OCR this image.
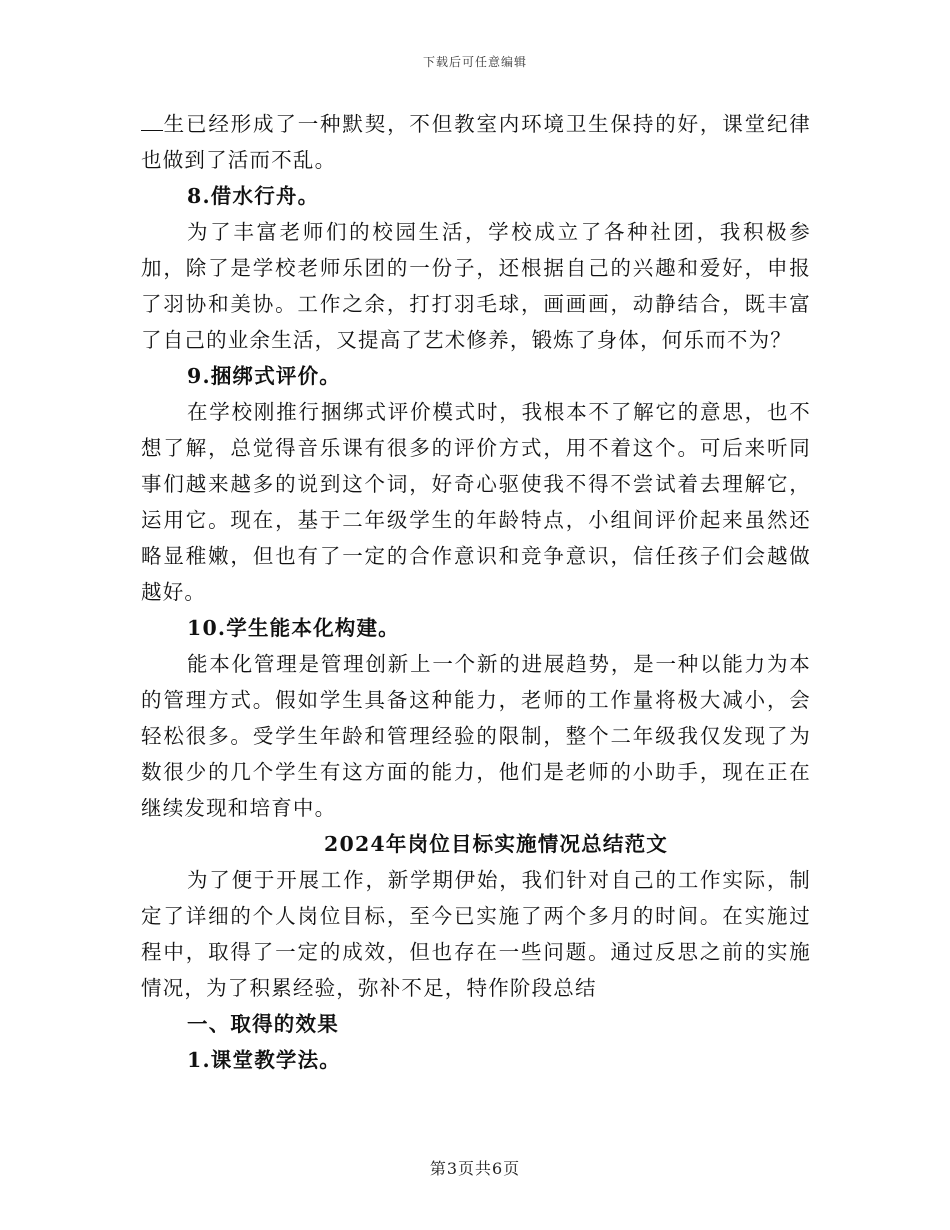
下载后可任意编辑

生已经形成了一种默契，不但教室内环境卫生保持的好，课堂纪律也做到了活而不乱。

8.借水行舟。

为了丰富老师们的校园生活，学校成立了各种社团，我积极参加，除了是学校老师乐团的一份子，还根据自己的兴趣和爱好，申报了羽协和美协。工作之余，打打羽毛球，画画画，动静结合，既丰富了自己的业余生活，又提高了艺术修养，锻炼了身体，何乐而不为？

9.捆绑式评价。

在学校刚推行捆绑式评价模式时，我根本不了解它的意思，也不想了解，总觉得音乐课有很多的评价方式，用不着这个。可后来听同事们越来越多的说到这个词，好奇心驱使我不得不尝试着去理解它，运用它。现在，基于二年级学生的年龄特点，小组间评价起来虽然还略显稚嫩，但也有了一定的合作意识和竞争意识，信任孩子们会越做越好。

10.学生能本化构建。

能本化管理是管理创新上一个新的进展趋势，是一种以能力为本的管理方式。假如学生具备这种能力，老师的工作量将极大减小，会轻松很多。受学生年龄和管理经验的限制，整个二年级我仅发现了为数很少的几个学生有这方面的能力，他们是老师的小助手，现在正在继续发现和培育中。

2024年岗位目标实施情况总结范文

为了便于开展工作，新学期伊始，我们针对自己的工作实际，制定了详细的个人岗位目标，至今已实施了两个多月的时间。在实施过程中，取得了一定的成效，但也存在一些问题。通过反思之前的实施情况，为了积累经验，弥补不足，特作阶段总结

一、取得的效果

1.课堂教学法。

第3页共6页
